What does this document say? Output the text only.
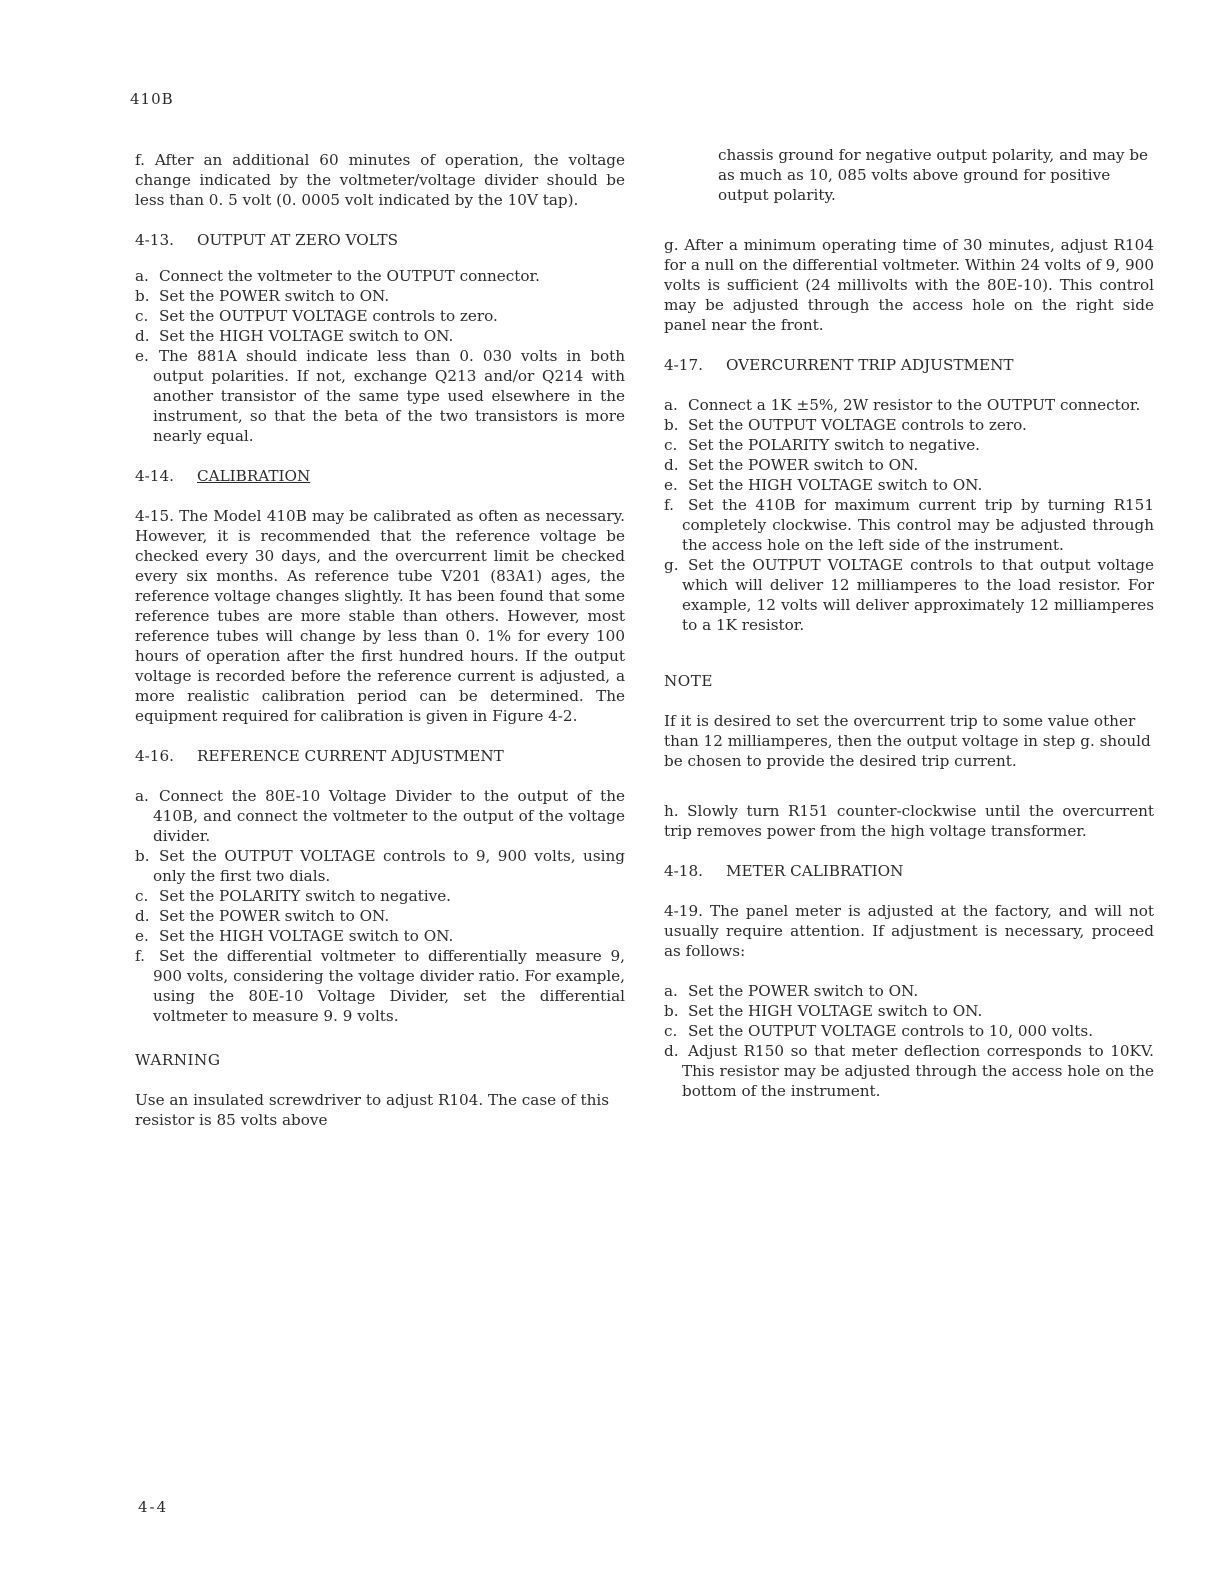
410B

f. After an additional 60 minutes of operation, the voltage change indicated by the voltmeter/voltage divider should be less than 0. 5 volt (0. 0005 volt indicated by the 10V tap).

4-13. OUTPUT AT ZERO VOLTS

a. Connect the voltmeter to the OUTPUT connector.
b. Set the POWER switch to ON.
c. Set the OUTPUT VOLTAGE controls to zero.
d. Set the HIGH VOLTAGE switch to ON.
e. The 881A should indicate less than 0. 030 volts in both output polarities. If not, exchange Q213 and/or Q214 with another transistor of the same type used elsewhere in the instrument, so that the beta of the two transistors is more nearly equal.

4-14. CALIBRATION

4-15. The Model 410B may be calibrated as often as necessary. However, it is recommended that the reference voltage be checked every 30 days, and the overcurrent limit be checked every six months. As reference tube V201 (83A1) ages, the reference voltage changes slightly. It has been found that some reference tubes are more stable than others. However, most reference tubes will change by less than 0. 1% for every 100 hours of operation after the first hundred hours. If the output voltage is recorded before the reference current is adjusted, a more realistic calibration period can be determined. The equipment required for calibration is given in Figure 4-2.

4-16. REFERENCE CURRENT ADJUSTMENT

a. Connect the 80E-10 Voltage Divider to the output of the 410B, and connect the voltmeter to the output of the voltage divider.
b. Set the OUTPUT VOLTAGE controls to 9, 900 volts, using only the first two dials.
c. Set the POLARITY switch to negative.
d. Set the POWER switch to ON.
e. Set the HIGH VOLTAGE switch to ON.
f. Set the differential voltmeter to differentially measure 9, 900 volts, considering the voltage divider ratio. For example, using the 80E-10 Voltage Divider, set the differential voltmeter to measure 9. 9 volts.

WARNING

Use an insulated screwdriver to adjust R104. The case of this resistor is 85 volts above

chassis ground for negative output polarity, and may be as much as 10, 085 volts above ground for positive output polarity.

g. After a minimum operating time of 30 minutes, adjust R104 for a null on the differential voltmeter. Within 24 volts of 9, 900 volts is sufficient (24 millivolts with the 80E-10). This control may be adjusted through the access hole on the right side panel near the front.

4-17. OVERCURRENT TRIP ADJUSTMENT

a. Connect a 1K ±5%, 2W resistor to the OUTPUT connector.
b. Set the OUTPUT VOLTAGE controls to zero.
c. Set the POLARITY switch to negative.
d. Set the POWER switch to ON.
e. Set the HIGH VOLTAGE switch to ON.
f. Set the 410B for maximum current trip by turning R151 completely clockwise. This control may be adjusted through the access hole on the left side of the instrument.
g. Set the OUTPUT VOLTAGE controls to that output voltage which will deliver 12 milliamperes to the load resistor. For example, 12 volts will deliver approximately 12 milliamperes to a 1K resistor.

NOTE

If it is desired to set the overcurrent trip to some value other than 12 milliamperes, then the output voltage in step g. should be chosen to provide the desired trip current.

h. Slowly turn R151 counter-clockwise until the overcurrent trip removes power from the high voltage transformer.

4-18. METER CALIBRATION

4-19. The panel meter is adjusted at the factory, and will not usually require attention. If adjustment is necessary, proceed as follows:

a. Set the POWER switch to ON.
b. Set the HIGH VOLTAGE switch to ON.
c. Set the OUTPUT VOLTAGE controls to 10, 000 volts.
d. Adjust R150 so that meter deflection corresponds to 10KV. This resistor may be adjusted through the access hole on the bottom of the instrument.
4-4
